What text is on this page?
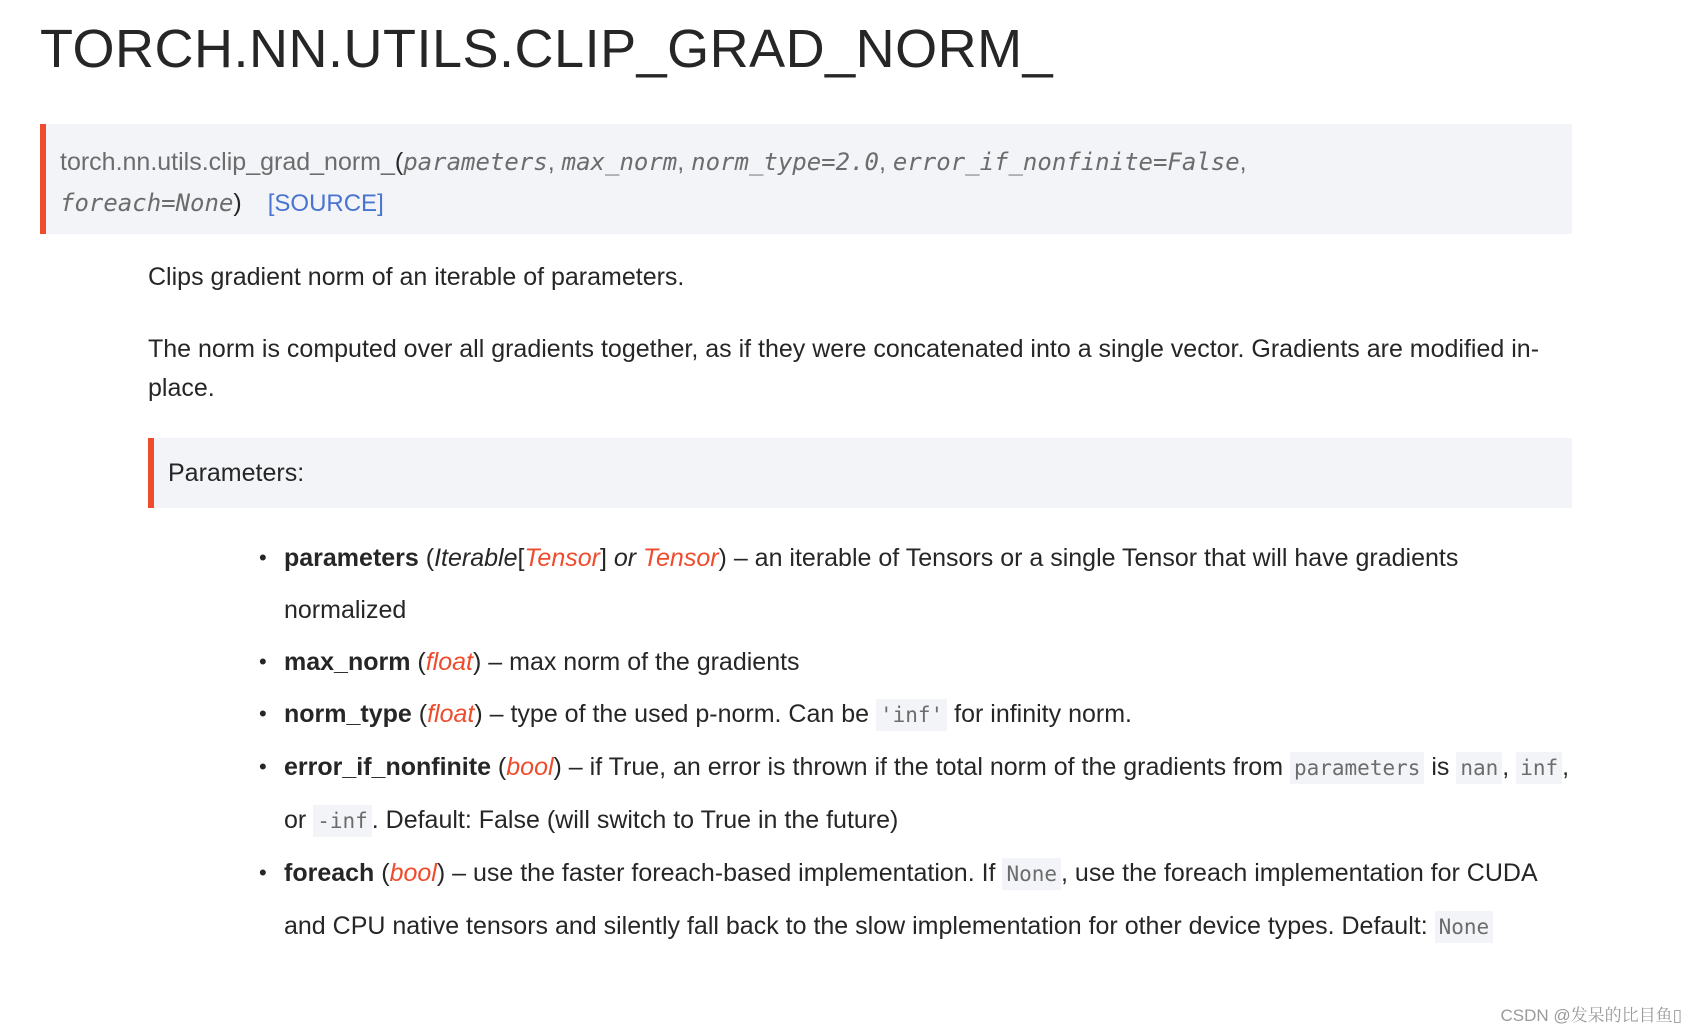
TORCH.NN.UTILS.CLIP_GRAD_NORM_
torch.nn.utils.clip_grad_norm_(parameters, max_norm, norm_type=2.0, error_if_nonfinite=False,
foreach=None) [SOURCE]

Clips gradient norm of an iterable of parameters.

The norm is computed over all gradients together, as if they were concatenated into a single vector. Gradients are modified in-place.

Parameters:
• parameters (Iterable[Tensor] or Tensor) – an iterable of Tensors or a single Tensor that will have gradients normalized
• max_norm (float) – max norm of the gradients
• norm_type (float) – type of the used p-norm. Can be 'inf' for infinity norm.
• error_if_nonfinite (bool) – if True, an error is thrown if the total norm of the gradients from parameters is nan , inf , or -inf . Default: False (will switch to True in the future)
• foreach (bool) – use the faster foreach-based implementation. If None , use the foreach implementation for CUDA and CPU native tensors and silently fall back to the slow implementation for other device types. Default: None
CSDN @发呆的比目鱼▯
